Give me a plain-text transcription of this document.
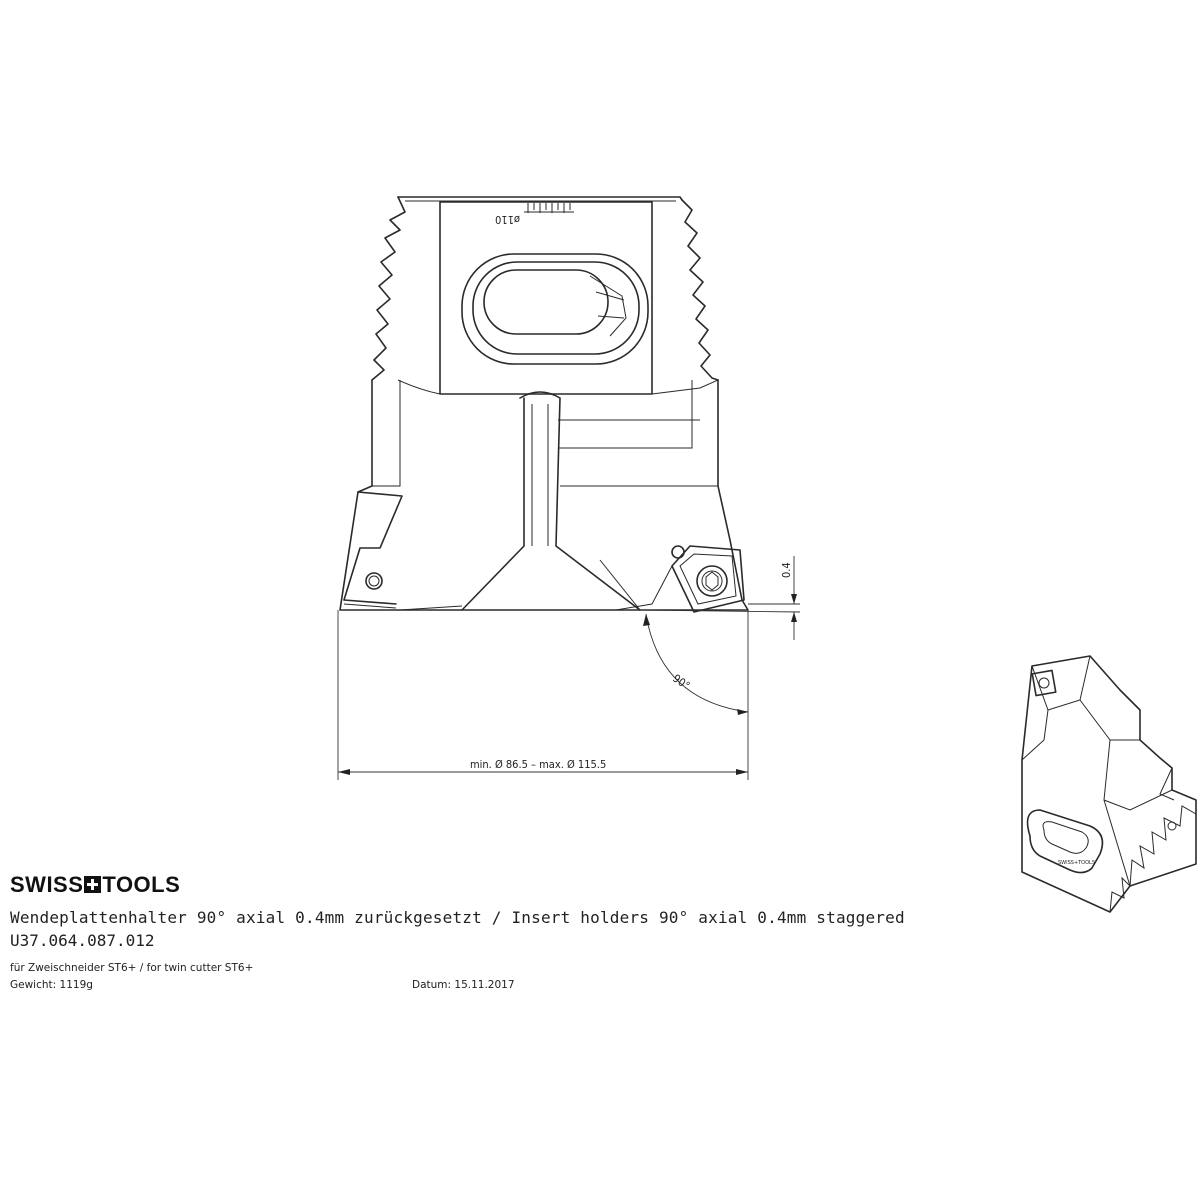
ø110
0.4
90°
min. Ø 86.5 – max. Ø 115.5
SWISS+TOOLS
SWISS TOOLS
Wendeplattenhalter 90° axial 0.4mm zurückgesetzt / Insert holders 90° axial 0.4mm staggered
U37.064.087.012
für Zweischneider ST6+ / for twin cutter ST6+
Gewicht: 1119g	Datum: 15.11.2017
